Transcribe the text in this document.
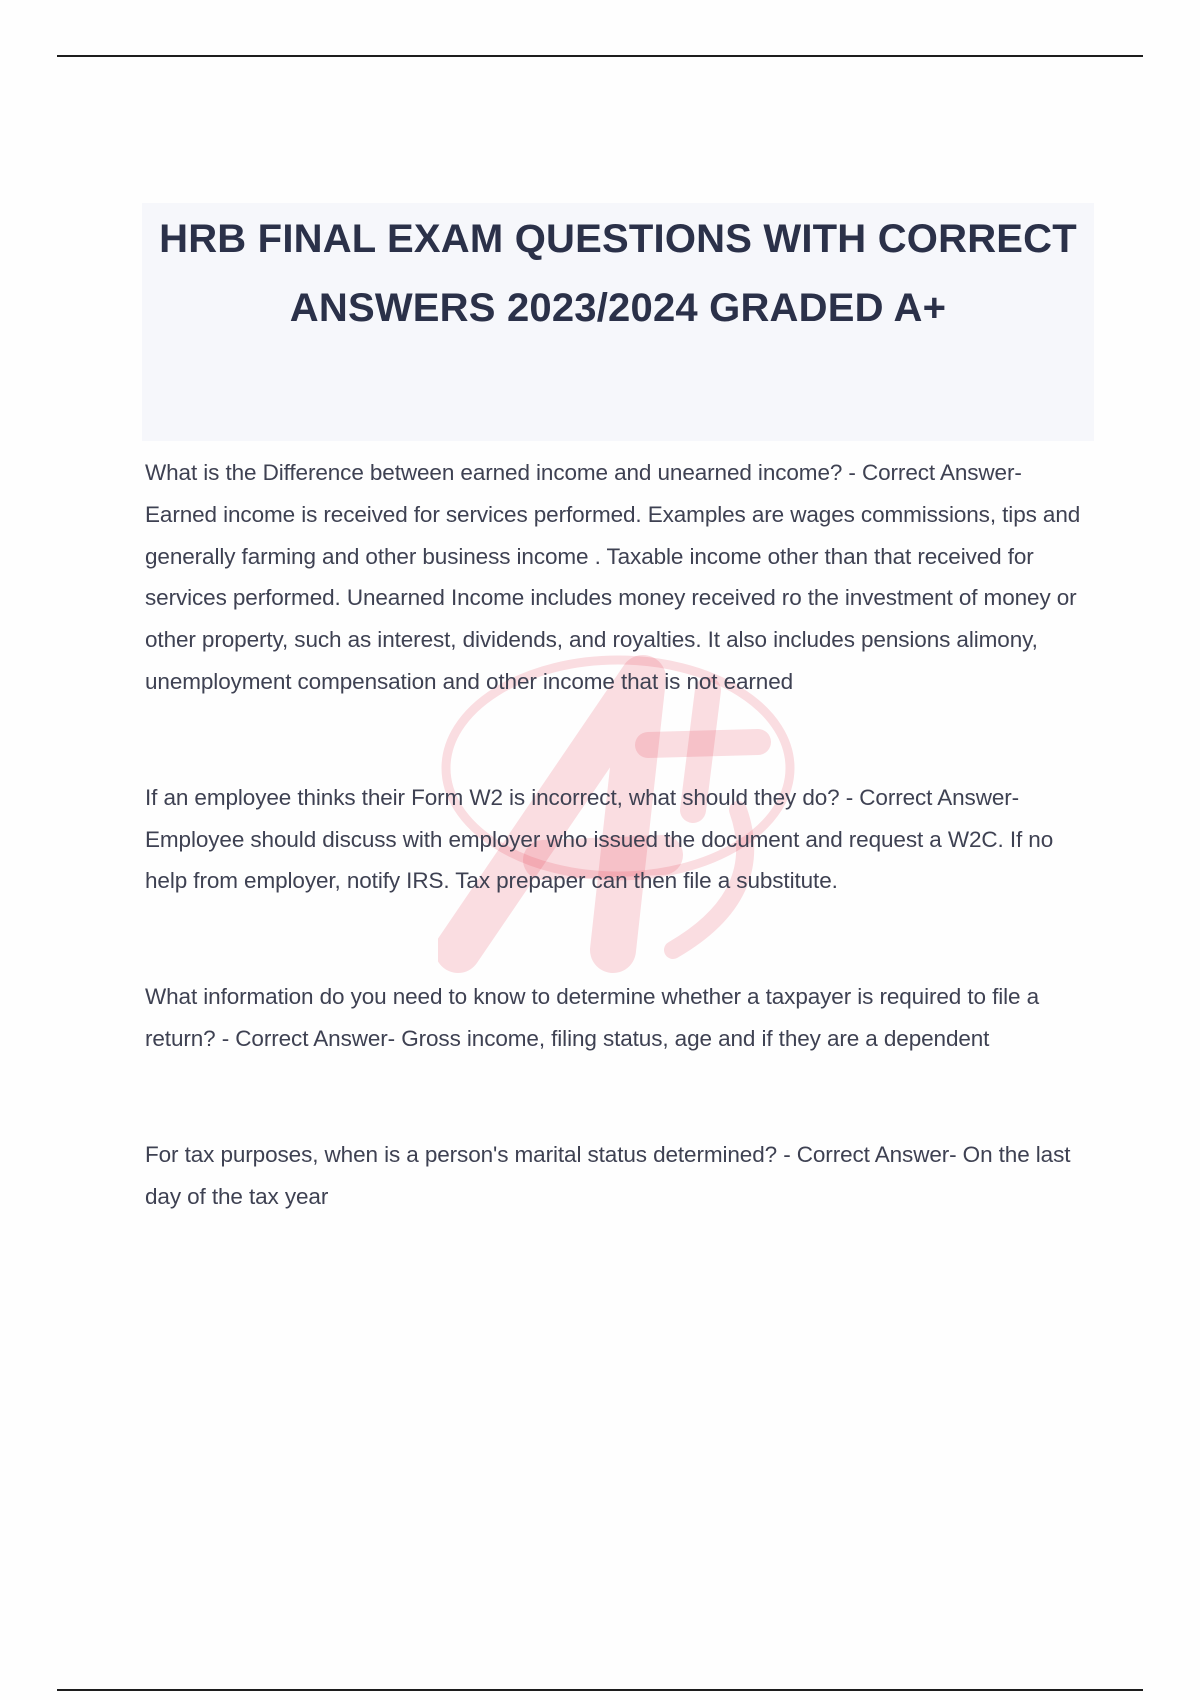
HRB FINAL EXAM QUESTIONS WITH CORRECT ANSWERS 2023/2024 GRADED A+

What is the Difference between earned income and unearned income? - Correct Answer- Earned income is received for services performed. Examples are wages commissions, tips and generally farming and other business income . Taxable income other than that received for services performed. Unearned Income includes money received ro the investment of money or other property, such as interest, dividends, and royalties. It also includes pensions alimony, unemployment compensation and other income that is not earned

If an employee thinks their Form W2 is incorrect, what should they do? - Correct Answer- Employee should discuss with employer who issued the document and request a W2C. If no help from employer, notify IRS. Tax prepaper can then file a substitute.

What information do you need to know to determine whether a taxpayer is required to file a return? - Correct Answer- Gross income, filing status, age and if they are a dependent

For tax purposes, when is a person's marital status determined? - Correct Answer- On the last day of the tax year
